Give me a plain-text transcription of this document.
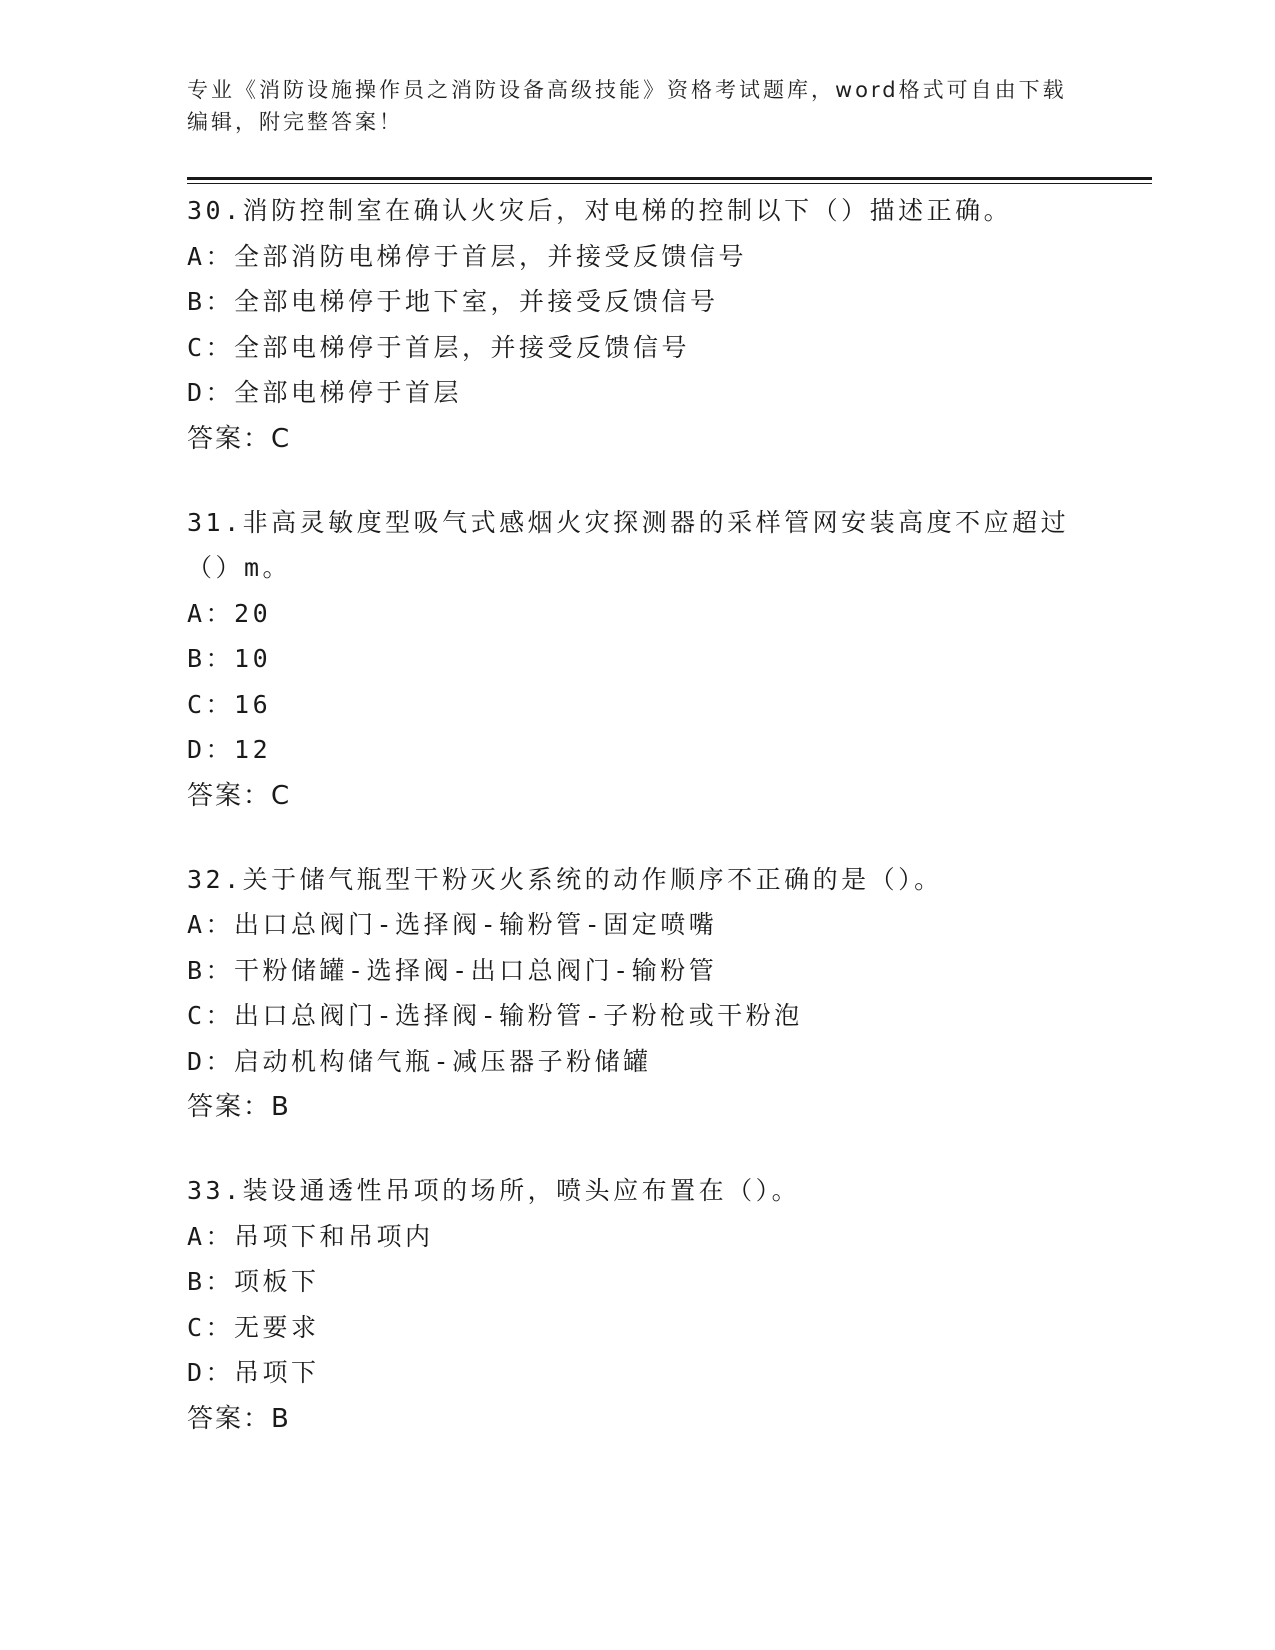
专业《消防设施操作员之消防设备高级技能》资格考试题库，word格式可自由下载编辑，附完整答案！
30.消防控制室在确认火灾后，对电梯的控制以下（）描述正确。
A：全部消防电梯停于首层，并接受反馈信号
B：全部电梯停于地下室，并接受反馈信号
C：全部电梯停于首层，并接受反馈信号
D：全部电梯停于首层
答案：C
31.非高灵敏度型吸气式感烟火灾探测器的采样管网安装高度不应超过（）m。
A：20
B：10
C：16
D：12
答案：C
32.关于储气瓶型干粉灭火系统的动作顺序不正确的是（）。
A：出口总阀门-选择阀-输粉管-固定喷嘴
B：干粉储罐-选择阀-出口总阀门-输粉管
C：出口总阀门-选择阀-输粉管-子粉枪或干粉泡
D：启动机构储气瓶-减压器子粉储罐
答案：B
33.装设通透性吊项的场所，喷头应布置在（）。
A：吊项下和吊项内
B：项板下
C：无要求
D：吊项下
答案：B
